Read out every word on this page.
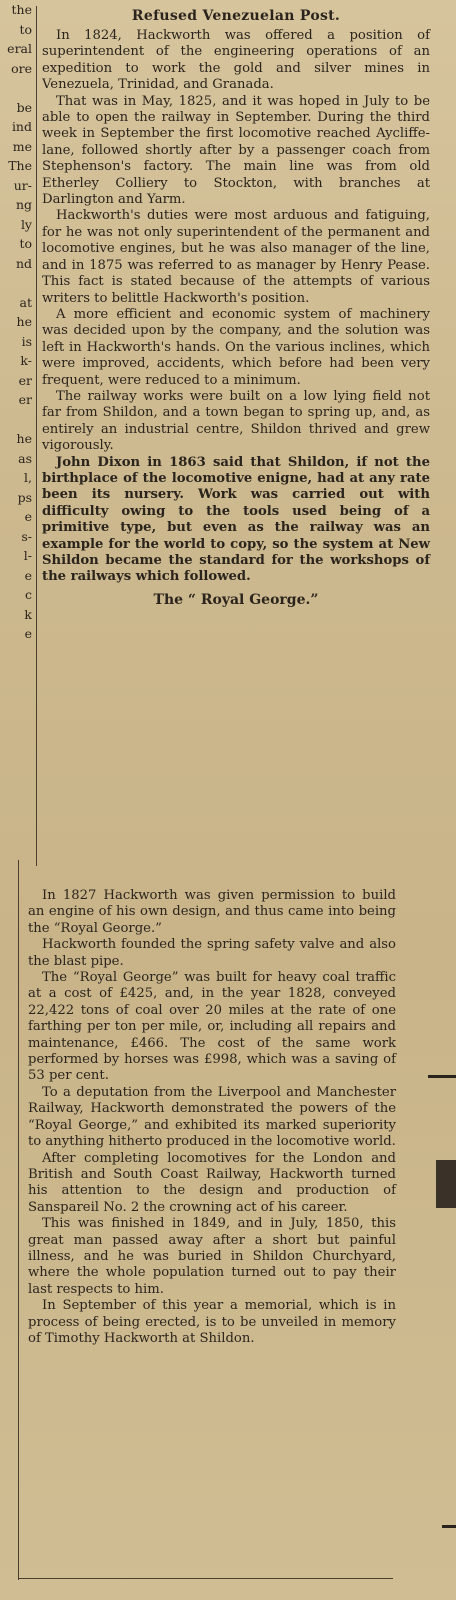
the
to
eral
ore

be
ind
me
The
ur-
ng
ly
to
nd

at
he
is
k-
er
er

he
as
l,
ps
e
s-
l-
e
c
k
e

Refused Venezuelan Post.

In 1824, Hackworth was offered a position of superintendent of the engineering operations of an expedition to work the gold and silver mines in Venezuela, Trinidad, and Granada.

That was in May, 1825, and it was hoped in July to be able to open the railway in September. During the third week in September the first locomotive reached Aycliffe-lane, followed shortly after by a passenger coach from Stephenson's factory. The main line was from old Etherley Colliery to Stockton, with branches at Darlington and Yarm.

Hackworth's duties were most arduous and fatiguing, for he was not only superintendent of the permanent and locomotive engines, but he was also manager of the line, and in 1875 was referred to as manager by Henry Pease. This fact is stated because of the attempts of various writers to belittle Hackworth's position.

A more efficient and economic system of machinery was decided upon by the company, and the solution was left in Hackworth's hands. On the various inclines, which were improved, accidents, which before had been very frequent, were reduced to a minimum.

The railway works were built on a low lying field not far from Shildon, and a town began to spring up, and, as entirely an industrial centre, Shildon thrived and grew vigorously.

John Dixon in 1863 said that Shildon, if not the birthplace of the locomotive enigne, had at any rate been its nursery. Work was carried out with difficulty owing to the tools used being of a primitive type, but even as the railway was an example for the world to copy, so the system at New Shildon became the standard for the workshops of the railways which followed.

The “ Royal George.”

In 1827 Hackworth was given permission to build an engine of his own design, and thus came into being the “Royal George.”

Hackworth founded the spring safety valve and also the blast pipe.

The “Royal George” was built for heavy coal traffic at a cost of £425, and, in the year 1828, conveyed 22,422 tons of coal over 20 miles at the rate of one farthing per ton per mile, or, including all repairs and maintenance, £466. The cost of the same work performed by horses was £998, which was a saving of 53 per cent.

To a deputation from the Liverpool and Manchester Railway, Hackworth demonstrated the powers of the “Royal George,” and exhibited its marked superiority to anything hitherto produced in the locomotive world.

After completing locomotives for the London and British and South Coast Railway, Hackworth turned his attention to the design and production of Sanspareil No. 2 the crowning act of his career.

This was finished in 1849, and in July, 1850, this great man passed away after a short but painful illness, and he was buried in Shildon Churchyard, where the whole population turned out to pay their last respects to him.

In September of this year a memorial, which is in process of being erected, is to be unveiled in memory of Timothy Hackworth at Shildon.
